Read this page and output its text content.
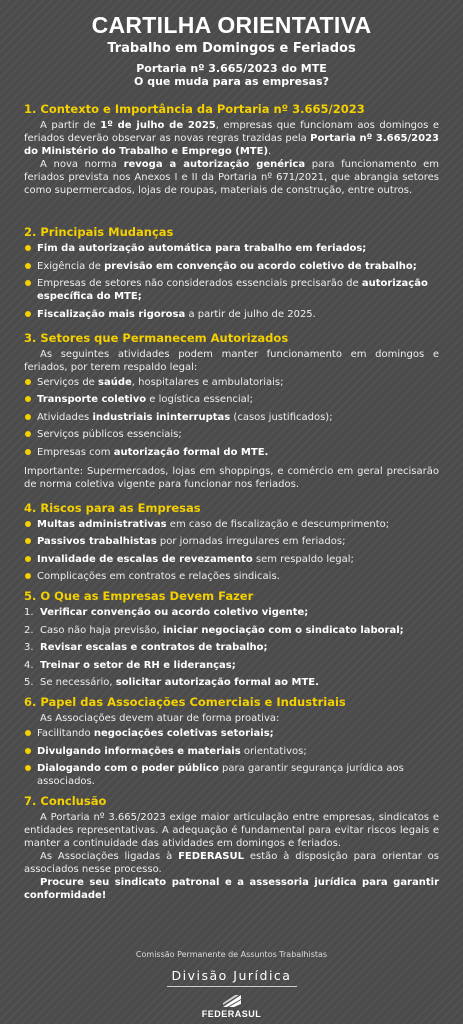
CARTILHA ORIENTATIVA
Trabalho em Domingos e Feriados
Portaria nº 3.665/2023 do MTE
O que muda para as empresas?
1. Contexto e Importância da Portaria nº 3.665/2023

A partir de 1º de julho de 2025, empresas que funcionam aos domingos e feriados deverão observar as novas regras trazidas pela Portaria nº 3.665/2023 do Ministério do Trabalho e Emprego (MTE).

A nova norma revoga a autorização genérica para funcionamento em feriados prevista nos Anexos I e II da Portaria nº 671/2021, que abrangia setores como supermercados, lojas de roupas, materiais de construção, entre outros.

2. Principais Mudanças
Fim da autorização automática para trabalho em feriados;
Exigência de previsão em convenção ou acordo coletivo de trabalho;
Empresas de setores não considerados essenciais precisarão de autorização específica do MTE;
Fiscalização mais rigorosa a partir de julho de 2025.
3. Setores que Permanecem Autorizados

As seguintes atividades podem manter funcionamento em domingos e feriados, por terem respaldo legal:

Serviços de saúde, hospitalares e ambulatoriais;
Transporte coletivo e logística essencial;
Atividades industriais ininterruptas (casos justificados);
Serviços públicos essenciais;
Empresas com autorização formal do MTE.

Importante: Supermercados, lojas em shoppings, e comércio em geral precisarão de norma coletiva vigente para funcionar nos feriados.

4. Riscos para as Empresas
Multas administrativas em caso de fiscalização e descumprimento;
Passivos trabalhistas por jornadas irregulares em feriados;
Invalidade de escalas de revezamento sem respaldo legal;
Complicações em contratos e relações sindicais.
5. O Que as Empresas Devem Fazer
1. Verificar convenção ou acordo coletivo vigente;
2. Caso não haja previsão, iniciar negociação com o sindicato laboral;
3. Revisar escalas e contratos de trabalho;
4. Treinar o setor de RH e lideranças;
5. Se necessário, solicitar autorização formal ao MTE.
6. Papel das Associações Comerciais e Industriais

As Associações devem atuar de forma proativa:

Facilitando negociações coletivas setoriais;
Divulgando informações e materiais orientativos;
Dialogando com o poder público para garantir segurança jurídica aos associados.
7. Conclusão

A Portaria nº 3.665/2023 exige maior articulação entre empresas, sindicatos e entidades representativas. A adequação é fundamental para evitar riscos legais e manter a continuidade das atividades em domingos e feriados.

As Associações ligadas à FEDERASUL estão à disposição para orientar os associados nesse processo.

Procure seu sindicato patronal e a assessoria jurídica para garantir conformidade!

Comissão Permanente de Assuntos Trabalhistas
Divisão Jurídica
FEDERASUL
